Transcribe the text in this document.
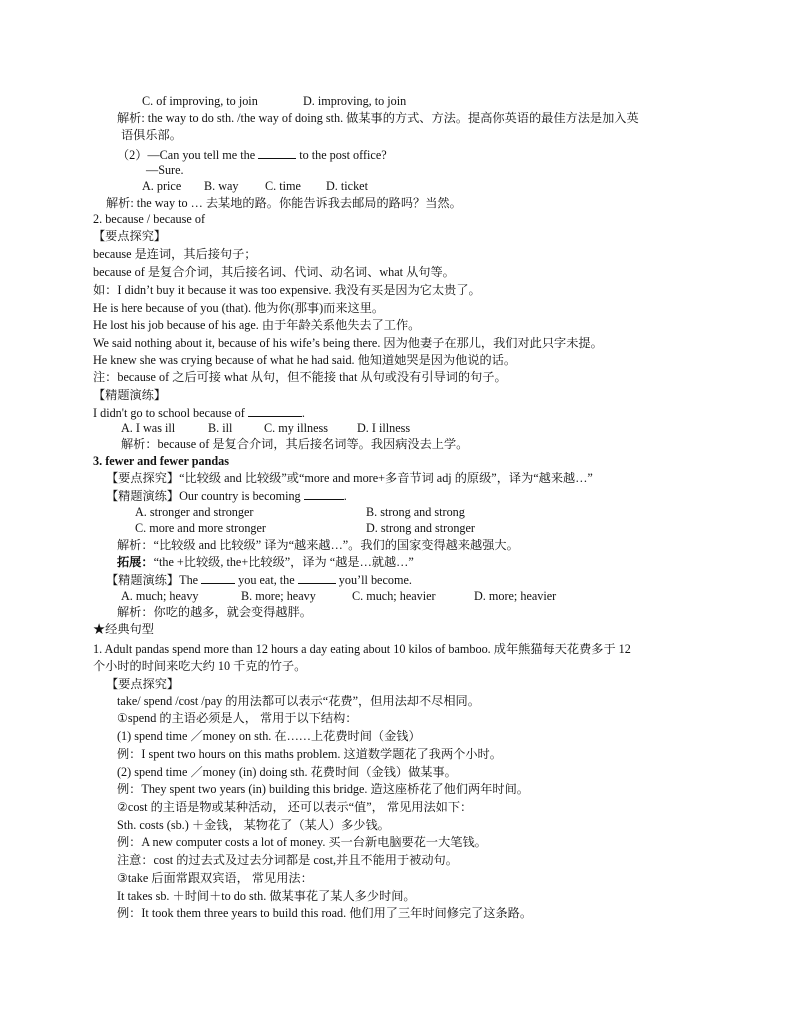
C. of improving, to join	D. improving, to join
解析: the way to do sth. /the way of doing sth. 做某事的方式、方法。提高你英语的最佳方法是加入英
语俱乐部。
（2）—Can you tell me the	to the post office?
—Sure.
A. price B. way C. time D. ticket
解析: the way to … 去某地的路。你能告诉我去邮局的路吗？当然。
2. because / because of
【要点探究】
because 是连词，其后接句子；
because of 是复合介词，其后接名词、代词、动名词、what 从句等。
如：I didn’t buy it because it was too expensive. 我没有买是因为它太贵了。
He is here because of you (that). 他为你(那事)而来这里。
He lost his job because of his age. 由于年龄关系他失去了工作。
We said nothing about it, because of his wife’s being there. 因为他妻子在那儿，我们对此只字未提。
He knew she was crying because of what he had said. 他知道她哭是因为他说的话。
注：because of 之后可接 what 从句，但不能接 that 从句或没有引导词的句子。
【精题演练】
I didn't go to school because of	.
A. I was ill	B. ill	C. my illness D. I illness
解析：because of 是复合介词，其后接名词等。我因病没去上学。
3. fewer and fewer pandas
【要点探究】“比较级 and 比较级”或“more and more+多音节词 adj 的原级”，译为“越来越…”
【精题演练】Our country is becoming	.
A. stronger and stronger	B. strong and strong
C. more and more stronger	D. strong and stronger
解析：“比较级 and 比较级” 译为“越来越…”。我们的国家变得越来越强大。
拓展：“the +比较级, the+比较级”，译为 “越是…就越…”
【精题演练】The	you eat, the	you’ll become.
A. much; heavy	B. more; heavy	C. much; heavier	D. more; heavier
解析：你吃的越多，就会变得越胖。
★经典句型
1. Adult pandas spend more than 12 hours a day eating about 10 kilos of bamboo. 成年熊猫每天花费多于 12
个小时的时间来吃大约 10 千克的竹子。
【要点探究】
take/ spend /cost /pay 的用法都可以表示“花费”，但用法却不尽相同。
①spend 的主语必须是人， 常用于以下结构：
(1) spend time ／money on sth. 在……上花费时间（金钱）
例：I spent two hours on this maths problem. 这道数学题花了我两个小时。
(2) spend time ／money (in) doing sth. 花费时间（金钱）做某事。
例：They spent two years (in) building this bridge. 造这座桥花了他们两年时间。
②cost 的主语是物或某种活动， 还可以表示“值”， 常见用法如下：
Sth. costs (sb.) ＋金钱， 某物花了（某人）多少钱。
例：A new computer costs a lot of money. 买一台新电脑要花一大笔钱。
注意：cost 的过去式及过去分词都是 cost,并且不能用于被动句。
③take 后面常跟双宾语， 常见用法：
It takes sb. ＋时间＋to do sth. 做某事花了某人多少时间。
例：It took them three years to build this road. 他们用了三年时间修完了这条路。
